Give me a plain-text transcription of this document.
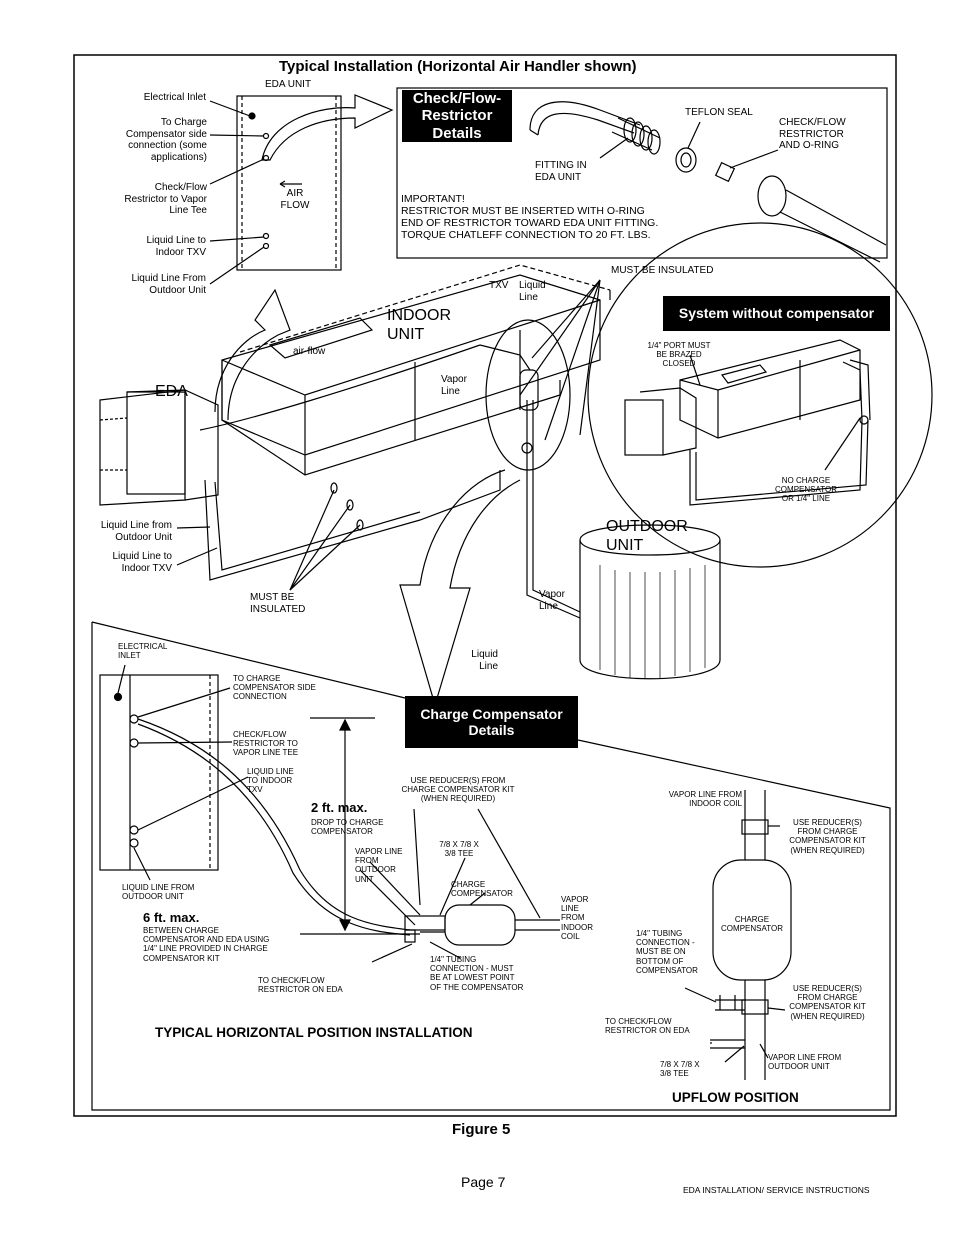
Typical Installation (Horizontal Air Handler shown)
EDA UNIT
AIR
FLOW
Electrical Inlet
To Charge
Compensator side
connection (some
applications)
Check/Flow
Restrictor to Vapor
Line Tee
Liquid Line to
Indoor TXV
Liquid Line From
Outdoor Unit
Check/Flow- Restrictor Details
TEFLON SEAL
CHECK/FLOW
RESTRICTOR
AND O-RING
FITTING IN
EDA UNIT
IMPORTANT!
RESTRICTOR MUST BE INSERTED WITH O-RING
END OF RESTRICTOR TOWARD EDA UNIT FITTING.
TORQUE CHATLEFF CONNECTION TO 20 FT. LBS.
MUST BE INSULATED
TXV Liquid
Line
INDOOR
UNIT
air-flow
Vapor
Line
EDA
Liquid Line from
Outdoor Unit
Liquid Line to
Indoor TXV
MUST BE
INSULATED
OUTDOOR
UNIT
Vapor
Line
Liquid
Line
System without compensator
1/4" PORT MUST
BE BRAZED
CLOSED
NO CHARGE
COMPENSATOR
OR 1/4" LINE
Charge Compensator Details
ELECTRICAL
INLET
TO CHARGE
COMPENSATOR SIDE
CONNECTION
CHECK/FLOW
RESTRICTOR TO
VAPOR LINE TEE
LIQUID LINE
TO INDOOR
TXV
LIQUID LINE FROM
OUTDOOR UNIT
2 ft. max.
DROP TO CHARGE
COMPENSATOR
6 ft. max.
BETWEEN CHARGE
COMPENSATOR AND EDA USING
1/4" LINE PROVIDED IN CHARGE
COMPENSATOR KIT
USE REDUCER(S) FROM
CHARGE COMPENSATOR KIT
(WHEN REQUIRED)
VAPOR LINE
FROM
OUTDOOR
UNIT
7/8 X 7/8 X
3/8 TEE
CHARGE
COMPENSATOR
VAPOR
LINE
FROM
INDOOR
COIL
1/4" TUBING
CONNECTION - MUST
BE AT LOWEST POINT
OF THE COMPENSATOR
TO CHECK/FLOW
RESTRICTOR ON EDA
TYPICAL HORIZONTAL POSITION INSTALLATION
VAPOR LINE FROM
INDOOR COIL
USE REDUCER(S)
FROM CHARGE
COMPENSATOR KIT
(WHEN REQUIRED)
CHARGE
COMPENSATOR
1/4" TUBING
CONNECTION -
MUST BE ON
BOTTOM OF
COMPENSATOR
USE REDUCER(S)
FROM CHARGE
COMPENSATOR KIT
(WHEN REQUIRED)
TO CHECK/FLOW
RESTRICTOR ON EDA
7/8 X 7/8 X
3/8 TEE
VAPOR LINE FROM
OUTDOOR UNIT
UPFLOW POSITION
Figure 5
Page 7	EDA INSTALLATION/ SERVICE INSTRUCTIONS
